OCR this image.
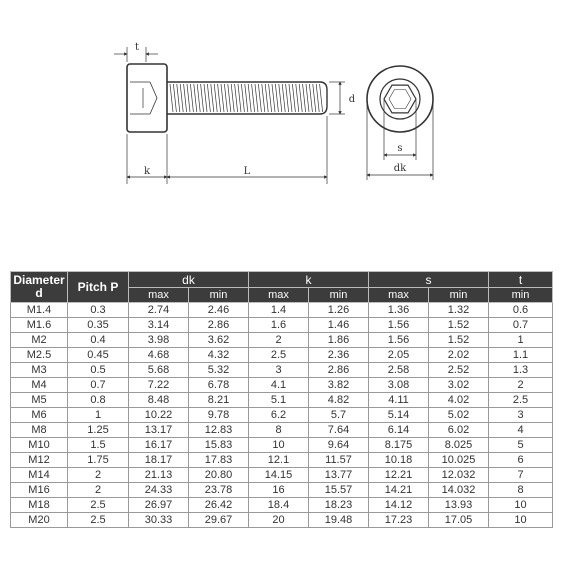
t
k	L
d
s
dk
Diameter
d	Pitch P	dk		k		s		t
		max	min	max	min	max	min	min
M1.4	0.3	2.74	2.46	1.4	1.26	1.36	1.32	0.6
M1.6	0.35	3.14	2.86	1.6	1.46	1.56	1.52	0.7
M2	0.4	3.98	3.62	2	1.86	1.56	1.52	1
M2.5	0.45	4.68	4.32	2.5	2.36	2.05	2.02	1.1
M3	0.5	5.68	5.32	3	2.86	2.58	2.52	1.3
M4	0.7	7.22	6.78	4.1	3.82	3.08	3.02	2
M5	0.8	8.48	8.21	5.1	4.82	4.11	4.02	2.5
M6	1	10.22	9.78	6.2	5.7	5.14	5.02	3
M8	1.25	13.17	12.83	8	7.64	6.14	6.02	4
M10	1.5	16.17	15.83	10	9.64	8.175	8.025	5
M12	1.75	18.17	17.83	12.1	11.57	10.18	10.025	6
M14	2	21.13	20.80	14.15	13.77	12.21	12.032	7
M16	2	24.33	23.78	16	15.57	14.21	14.032	8
M18	2.5	26.97	26.42	18.4	18.23	14.12	13.93	10
M20	2.5	30.33	29.67	20	19.48	17.23	17.05	10
